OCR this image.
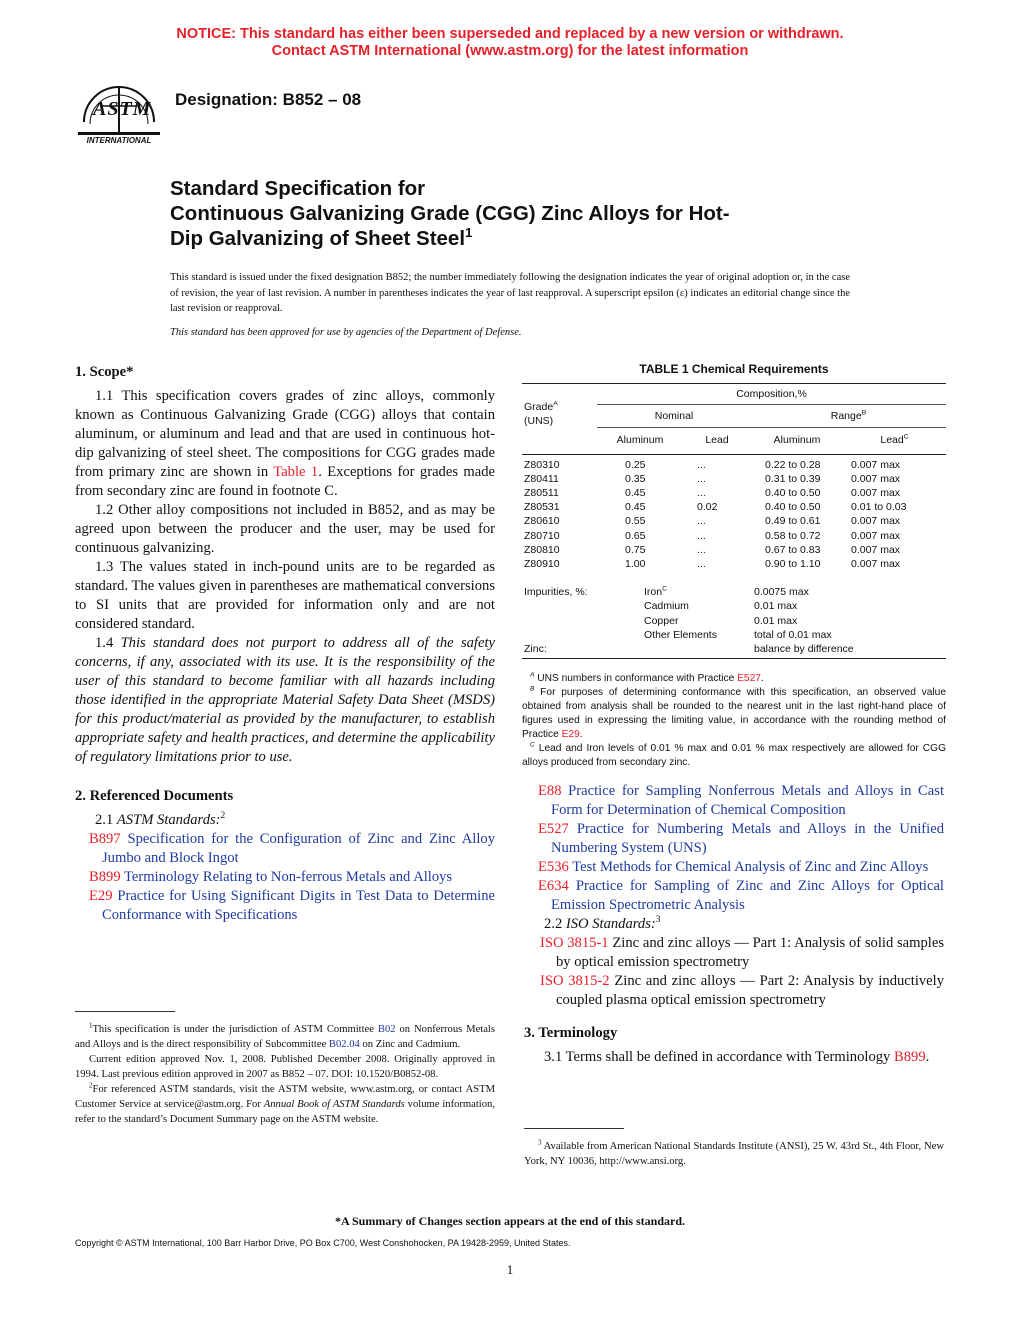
NOTICE: This standard has either been superseded and replaced by a new version or withdrawn.
Contact ASTM International (www.astm.org) for the latest information
ASTM
INTERNATIONAL
Designation: B852 – 08
Standard Specification for
Continuous Galvanizing Grade (CGG) Zinc Alloys for Hot-
Dip Galvanizing of Sheet Steel$^1$

This standard is issued under the fixed designation B852; the number immediately following the designation indicates the year of original adoption or, in the case of revision, the year of last revision. A number in parentheses indicates the year of last reapproval. A superscript epsilon (ε) indicates an editorial change since the last revision or reapproval.

This standard has been approved for use by agencies of the Department of Defense.

1. Scope*

1.1 This specification covers grades of zinc alloys, commonly known as Continuous Galvanizing Grade (CGG) alloys that contain aluminum, or aluminum and lead and that are used in continuous hot-dip galvanizing of steel sheet. The compositions for CGG grades made from primary zinc are shown in Table 1. Exceptions for grades made from secondary zinc are found in footnote C.

1.2 Other alloy compositions not included in B852, and as may be agreed upon between the producer and the user, may be used for continuous galvanizing.

1.3 The values stated in inch-pound units are to be regarded as standard. The values given in parentheses are mathematical conversions to SI units that are provided for information only and are not considered standard.

1.4 This standard does not purport to address all of the safety concerns, if any, associated with its use. It is the responsibility of the user of this standard to become familiar with all hazards including those identified in the appropriate Material Safety Data Sheet (MSDS) for this product/material as provided by the manufacturer, to establish appropriate safety and health practices, and determine the applicability of regulatory limitations prior to use.

2. Referenced Documents

2.1 ASTM Standards:$^2$

B897 Specification for the Configuration of Zinc and Zinc Alloy Jumbo and Block Ingot

B899 Terminology Relating to Non-ferrous Metals and Alloys

E29 Practice for Using Significant Digits in Test Data to Determine Conformance with Specifications

$^1$This specification is under the jurisdiction of ASTM Committee B02 on Nonferrous Metals and Alloys and is the direct responsibility of Subcommittee B02.04 on Zinc and Cadmium.

Current edition approved Nov. 1, 2008. Published December 2008. Originally approved in 1994. Last previous edition approved in 2007 as B852 – 07. DOI: 10.1520/B0852-08.

$^2$For referenced ASTM standards, visit the ASTM website, www.astm.org, or contact ASTM Customer Service at service@astm.org. For Annual Book of ASTM Standards volume information, refer to the standard’s Document Summary page on the ASTM website.

TABLE 1 Chemical Requirements
Grade$^A$
(UNS)	Composition,%			
	Nominal		Range$^B$
	Aluminum	Lead	Aluminum	Lead$^C$

Z80310	0.25	...	0.22 to 0.28	0.007 max
Z80411	0.35	...	0.31 to 0.39	0.007 max
Z80511	0.45	...	0.40 to 0.50	0.007 max
Z80531	0.45	0.02	0.40 to 0.50	0.01 to 0.03
Z80610	0.55	...	0.49 to 0.61	0.007 max
Z80710	0.65	...	0.58 to 0.72	0.007 max
Z80810	0.75	...	0.67 to 0.83	0.007 max
Z80910	1.00	...	0.90 to 1.10	0.007 max

Impurities, %:		Iron$^C$ 0.0075 max		
		Cadmium 0.01 max		
		Copper 0.01 max		
		Other Elements total of 0.01 max		
Zinc:		balance by difference		

$^A$ UNS numbers in conformance with Practice E527.

$^B$ For purposes of determining conformance with this specification, an observed value obtained from analysis shall be rounded to the nearest unit in the last right-hand place of figures used in expressing the limiting value, in accordance with the rounding method of Practice E29.

$^C$ Lead and Iron levels of 0.01 % max and 0.01 % max respectively are allowed for CGG alloys produced from secondary zinc.

E88 Practice for Sampling Nonferrous Metals and Alloys in Cast Form for Determination of Chemical Composition

E527 Practice for Numbering Metals and Alloys in the Unified Numbering System (UNS)

E536 Test Methods for Chemical Analysis of Zinc and Zinc Alloys

E634 Practice for Sampling of Zinc and Zinc Alloys for Optical Emission Spectrometric Analysis

2.2 ISO Standards:$^3$

ISO 3815-1 Zinc and zinc alloys — Part 1: Analysis of solid samples by optical emission spectrometry

ISO 3815-2 Zinc and zinc alloys — Part 2: Analysis by inductively coupled plasma optical emission spectrometry

3. Terminology

3.1 Terms shall be defined in accordance with Terminology B899.

$^3$ Available from American National Standards Institute (ANSI), 25 W. 43rd St., 4th Floor, New York, NY 10036, http://www.ansi.org.

*A Summary of Changes section appears at the end of this standard.
Copyright © ASTM International, 100 Barr Harbor Drive, PO Box C700, West Conshohocken, PA 19428-2959, United States.
1
